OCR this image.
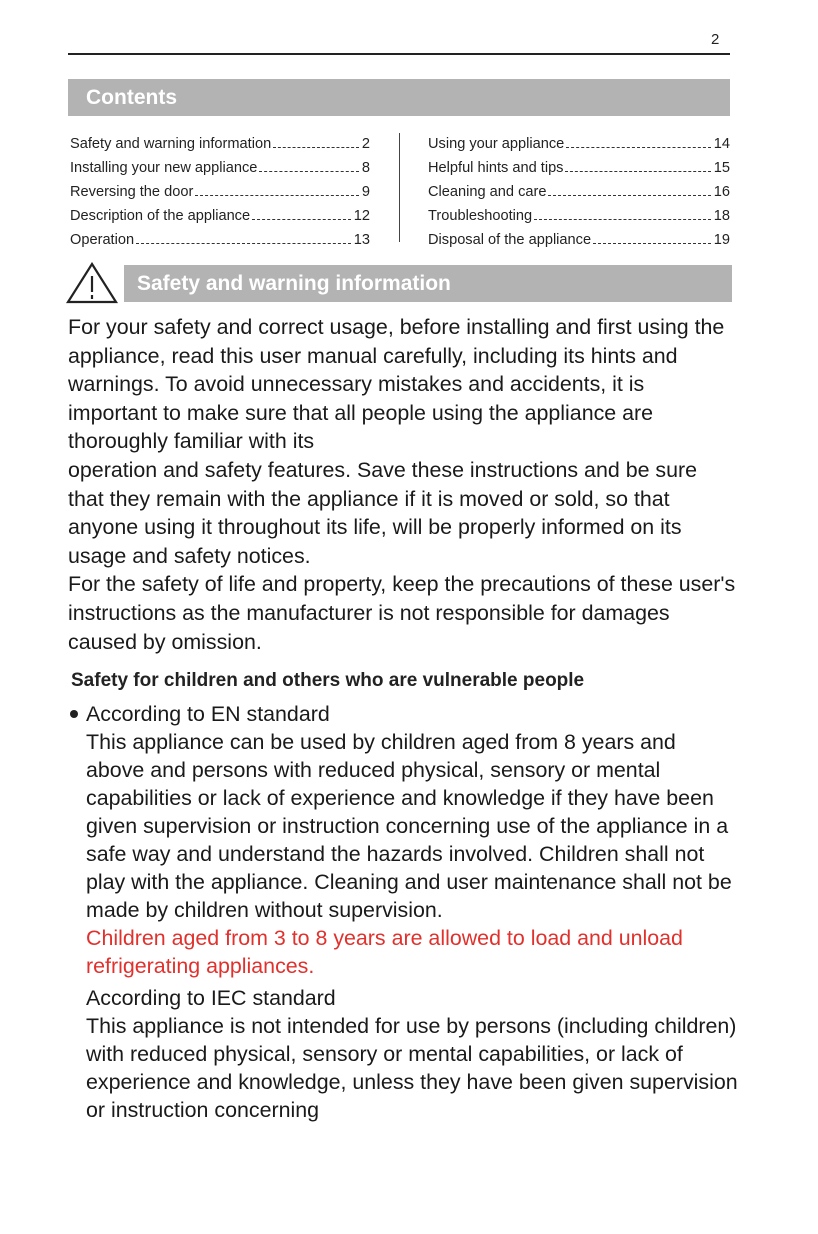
2
Contents
Safety and warning information	2
Installing your new appliance	8
Reversing the door	9
Description of the appliance	12
Operation	13
Using your appliance	14
Helpful hints and tips	15
Cleaning and care	16
Troubleshooting	18
Disposal of the appliance	19
Safety and warning information

For your safety and correct usage, before installing and first using the appliance, read this user manual carefully, including its hints and warnings. To avoid unnecessary mistakes and accidents, it is important to make sure that all people using the appliance are thoroughly familiar with its

operation and safety features. Save these instructions and be sure that they remain with the appliance if it is moved or sold, so that anyone using it throughout its life, will be properly informed on its usage and safety notices.

For the safety of life and property, keep the precautions of these user's instructions as the manufacturer is not responsible for damages caused by omission.

Safety for children and others who are vulnerable people
According to EN standard

This appliance can be used by children aged from 8 years and above and persons with reduced physical, sensory or mental capabilities or lack of experience and knowledge if they have been given supervision or instruction concerning use of the appliance in a safe way and understand the hazards involved. Children shall not play with the appliance. Cleaning and user maintenance shall not be made by children without supervision.

Children aged from 3 to 8 years are allowed to load and unload refrigerating appliances.

According to IEC standard

This appliance is not intended for use by persons (including children) with reduced physical, sensory or mental capabilities, or lack of experience and knowledge, unless they have been given supervision or instruction concerning
